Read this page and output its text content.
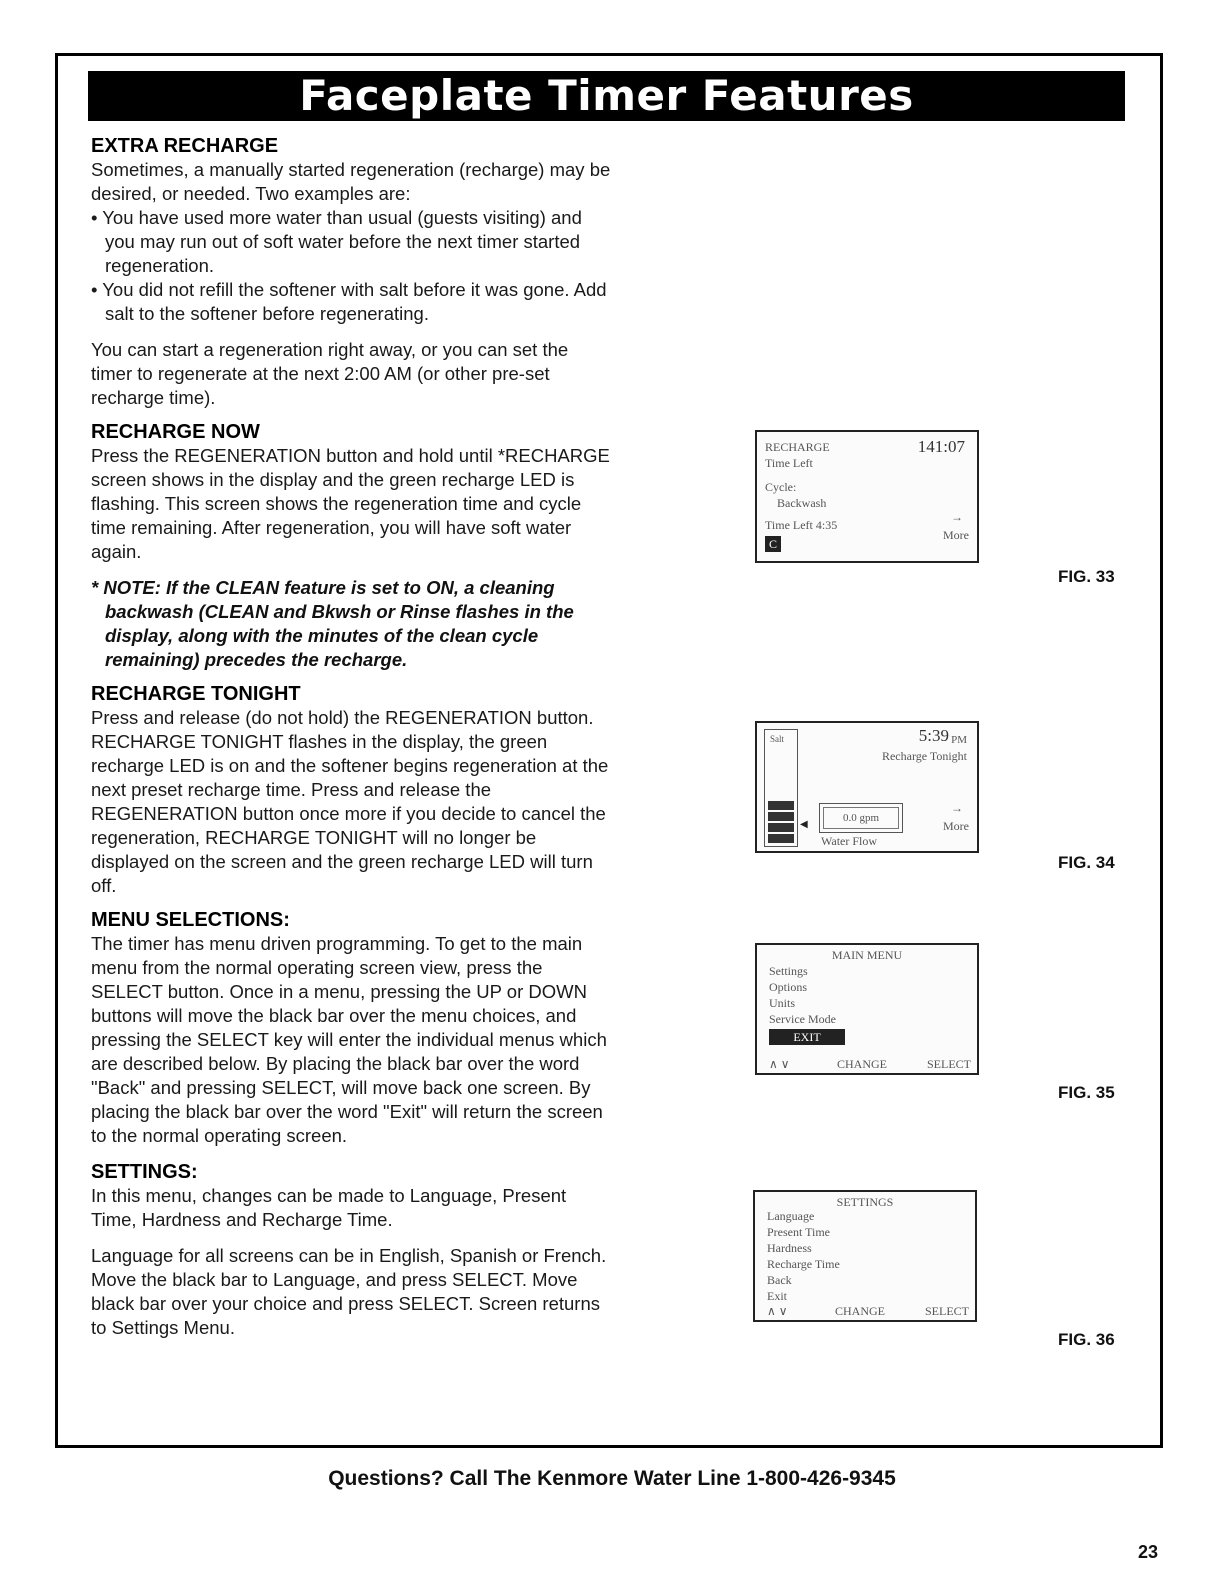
Faceplate Timer Features
EXTRA RECHARGE

Sometimes, a manually started regeneration (recharge) may be desired, or needed. Two examples are:

• You have used more water than usual (guests visiting) and you may run out of soft water before the next timer started regeneration.
• You did not refill the softener with salt before it was gone. Add salt to the softener before regenerating.

You can start a regeneration right away, or you can set the timer to regenerate at the next 2:00 AM (or other pre-set recharge time).

RECHARGE NOW

Press the REGENERATION button and hold until *RECHARGE screen shows in the display and the green recharge LED is flashing. This screen shows the regeneration time and cycle time remaining. After regeneration, you will have soft water again.

* NOTE: If the CLEAN feature is set to ON, a cleaning backwash (CLEAN and Bkwsh or Rinse flashes in the display, along with the minutes of the clean cycle remaining) precedes the recharge.

RECHARGE TONIGHT

Press and release (do not hold) the REGENERATION button. RECHARGE TONIGHT flashes in the display, the green recharge LED is on and the softener begins regeneration at the next preset recharge time. Press and release the REGENERATION button once more if you decide to cancel the regeneration, RECHARGE TONIGHT will no longer be displayed on the screen and the green recharge LED will turn off.

MENU SELECTIONS:

The timer has menu driven programming. To get to the main menu from the normal operating screen view, press the SELECT button. Once in a menu, pressing the UP or DOWN buttons will move the black bar over the menu choices, and pressing the SELECT key will enter the individual menus which are described below. By placing the black bar over the word "Back" and pressing SELECT, will move back one screen. By placing the black bar over the word "Exit" will return the screen to the normal operating screen.

SETTINGS:

In this menu, changes can be made to Language, Present Time, Hardness and Recharge Time.

Language for all screens can be in English, Spanish or French. Move the black bar to Language, and press SELECT. Move black bar over your choice and press SELECT. Screen returns to Settings Menu.

RECHARGE
Time Left
141:07
Cycle:
Backwash
Time Left 4:35
→
More
C
FIG. 33
Salt
◀
5:39 PM
Recharge Tonight
0.0 gpm
Water Flow
→
More
FIG. 34
MAIN MENU
Settings
Options
Units
Service Mode
EXIT
∧ ∨	CHANGE	SELECT
FIG. 35
SETTINGS
Language
Present Time
Hardness
Recharge Time
Back
Exit
∧ ∨	CHANGE	SELECT
FIG. 36
Questions? Call The Kenmore Water Line 1-800-426-9345
23
